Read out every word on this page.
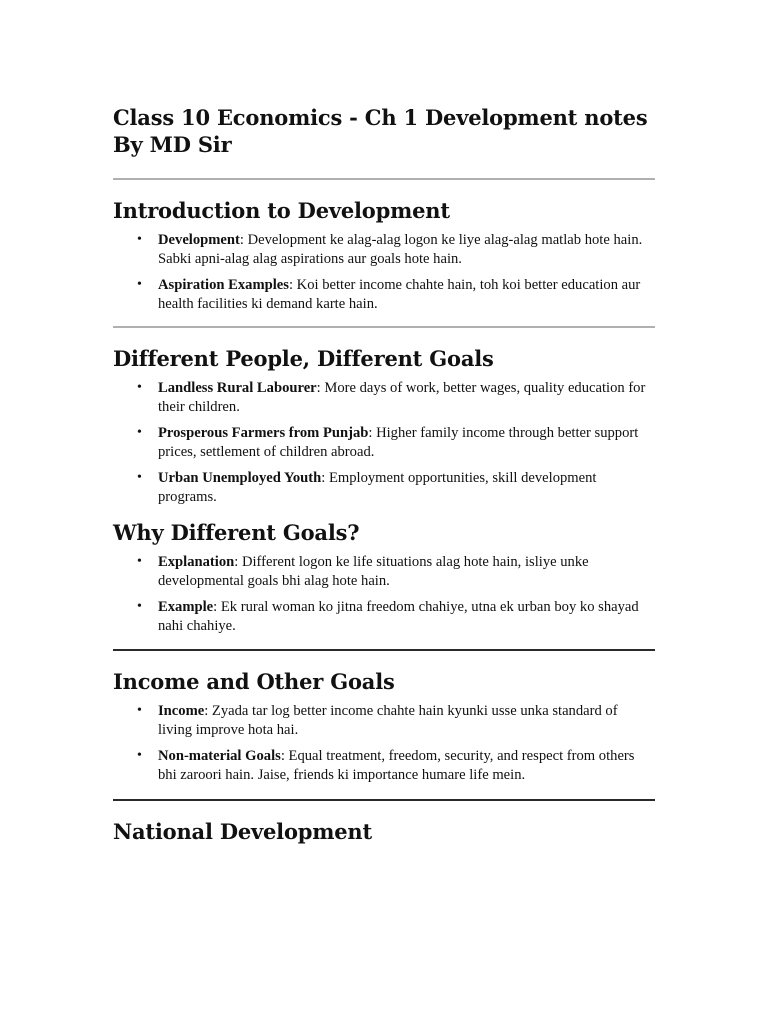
Class 10 Economics - Ch 1 Development notes By MD Sir
Introduction to Development
• Development: Development ke alag-alag logon ke liye alag-alag matlab hote hain. Sabki apni-alag alag aspirations aur goals hote hain.
• Aspiration Examples: Koi better income chahte hain, toh koi better education aur health facilities ki demand karte hain.
Different People, Different Goals
• Landless Rural Labourer: More days of work, better wages, quality education for their children.
• Prosperous Farmers from Punjab: Higher family income through better support prices, settlement of children abroad.
• Urban Unemployed Youth: Employment opportunities, skill development programs.
Why Different Goals?
• Explanation: Different logon ke life situations alag hote hain, isliye unke developmental goals bhi alag hote hain.
• Example: Ek rural woman ko jitna freedom chahiye, utna ek urban boy ko shayad nahi chahiye.
Income and Other Goals
• Income: Zyada tar log better income chahte hain kyunki usse unka standard of living improve hota hai.
• Non-material Goals: Equal treatment, freedom, security, and respect from others bhi zaroori hain. Jaise, friends ki importance humare life mein.
National Development
